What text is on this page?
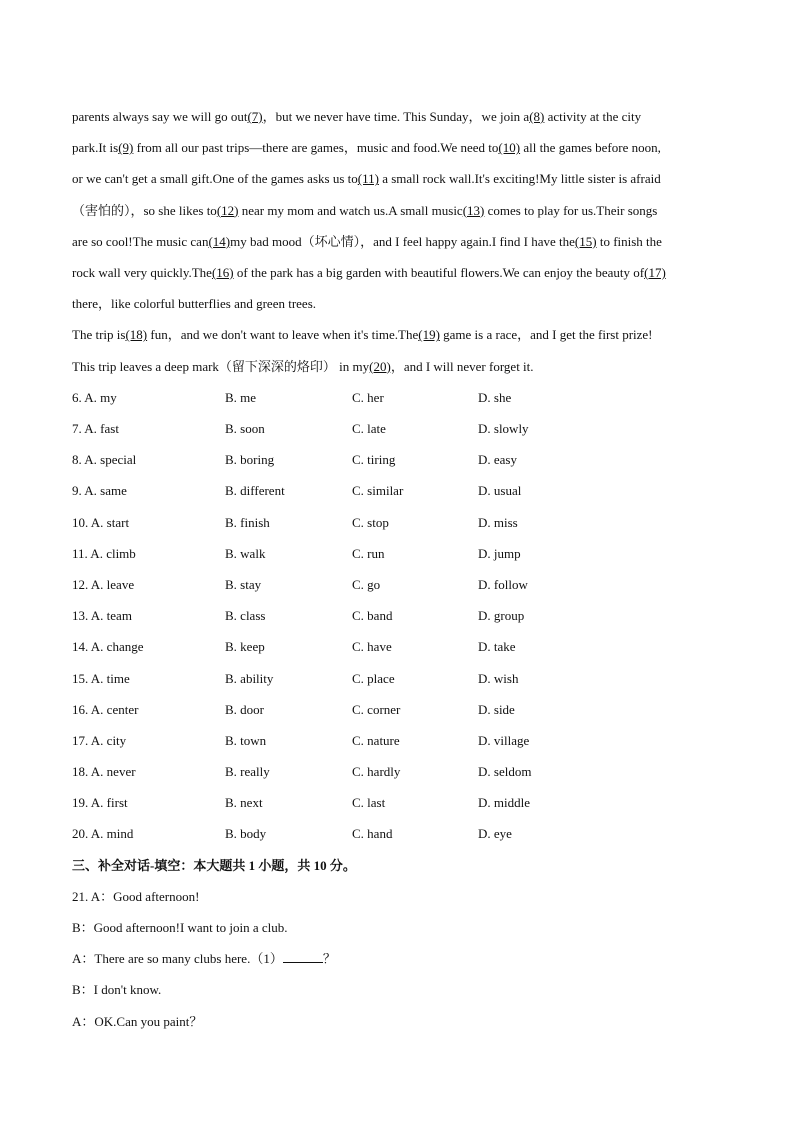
parents always say we will go out(7)，but we never have time. This Sunday，we join a(8) activity at the city
park.It is(9) from all our past trips—there are games，music and food.We need to(10) all the games before noon,
or we can't get a small gift.One of the games asks us to(11) a small rock wall.It's exciting!My little sister is afraid
（害怕的），so she likes to(12) near my mom and watch us.A small music(13) comes to play for us.Their songs
are so cool!The music can(14)my bad mood（坏心情），and I feel happy again.I find I have the(15) to finish the
rock wall very quickly.The(16) of the park has a big garden with beautiful flowers.We can enjoy the beauty of(17)
there，like colorful butterflies and green trees.
The trip is(18) fun，and we don't want to leave when it's time.The(19) game is a race，and I get the first prize!
This trip leaves a deep mark（留下深深的烙印） in my(20)，and I will never forget it.
6. A. my	B. me	C. her	D. she
7. A. fast	B. soon	C. late	D. slowly
8. A. special	B. boring	C. tiring	D. easy
9. A. same	B. different	C. similar	D. usual
10. A. start	B. finish	C. stop	D. miss
11. A. climb	B. walk	C. run	D. jump
12. A. leave	B. stay	C. go	D. follow
13. A. team	B. class	C. band	D. group
14. A. change	B. keep	C. have	D. take
15. A. time	B. ability	C. place	D. wish
16. A. center	B. door	C. corner	D. side
17. A. city	B. town	C. nature	D. village
18. A. never	B. really	C. hardly	D. seldom
19. A. first	B. next	C. last	D. middle
20. A. mind	B. body	C. hand	D. eye
三、补全对话-填空：本大题共 1 小题，共 10 分。
21. A：Good afternoon!
B：Good afternoon!I want to join a club.
A：There are so many clubs here.（1）	？
B：I don't know.
A：OK.Can you paint？
